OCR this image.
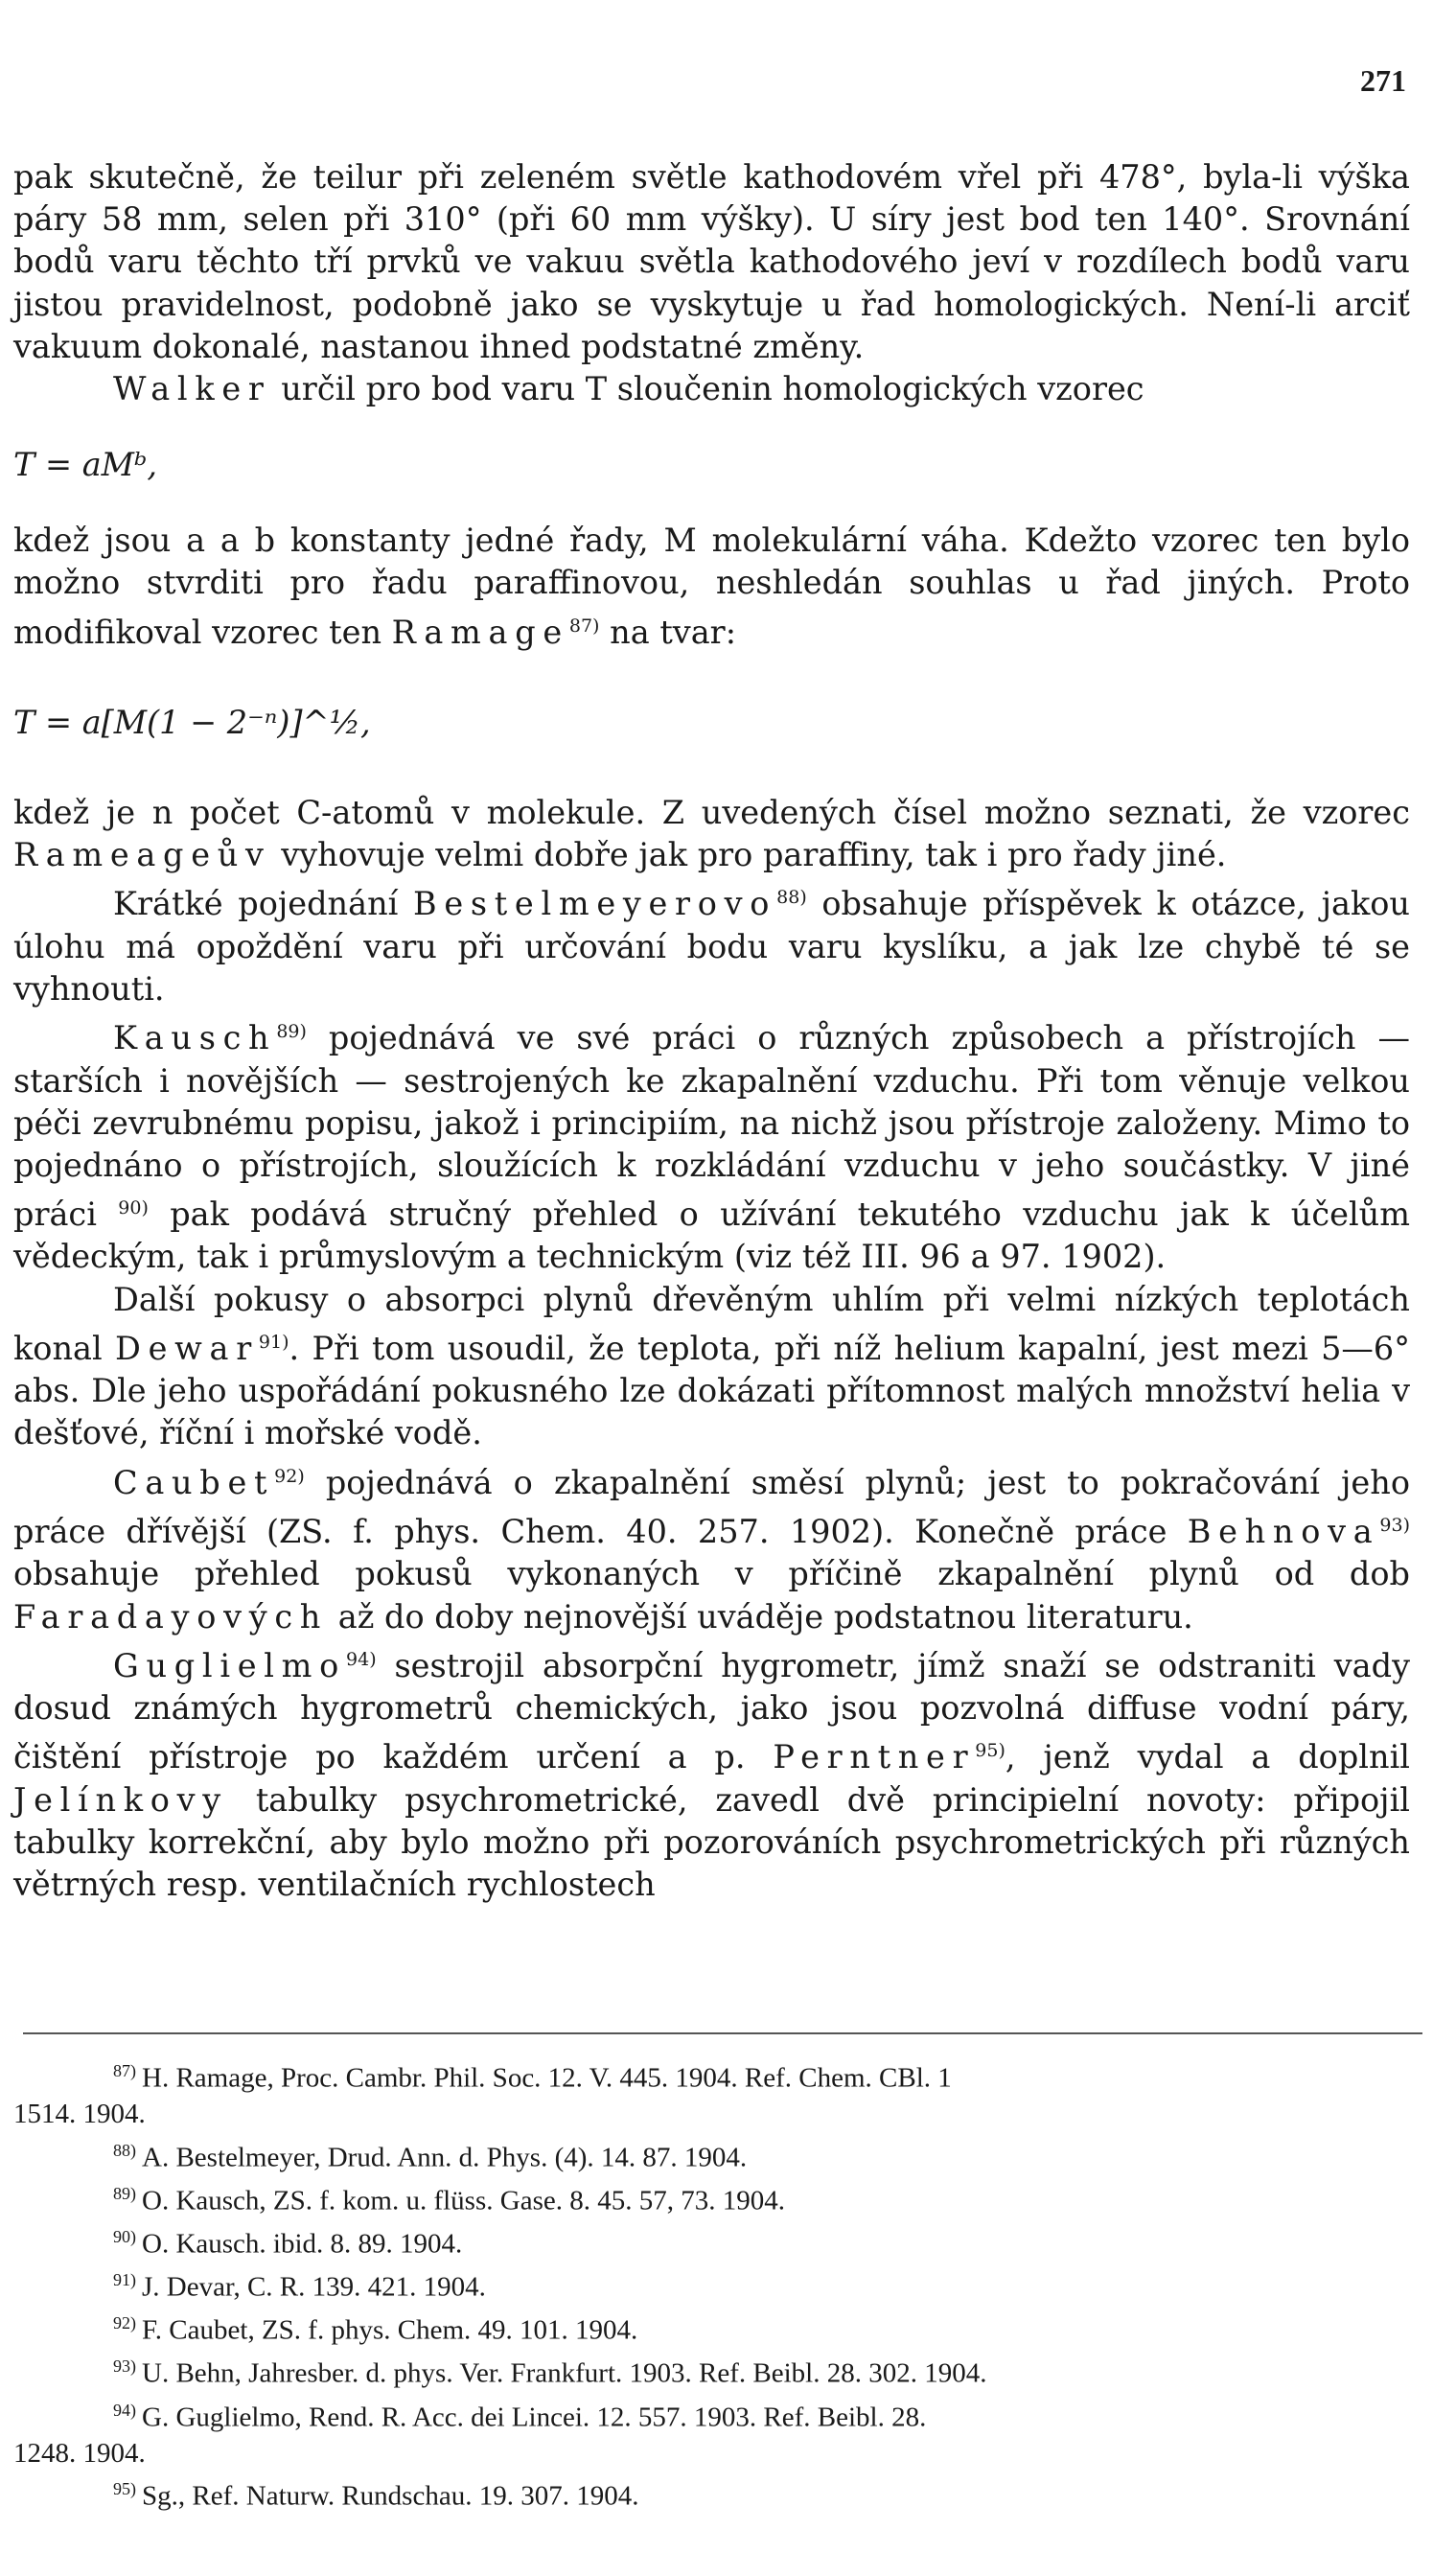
271

pak skutečně, že teilur při zeleném světle kathodovém vřel při 478°, byla-li výška páry 58 mm, selen při 310° (při 60 mm výšky). U síry jest bod ten 140°. Srovnání bodů varu těchto tří prvků ve vakuu světla kathodového jeví v rozdílech bodů varu jistou pravidelnost, podobně jako se vyskytuje u řad homologických. Není-li arciť vakuum dokonalé, nastanou ihned podstatné změny.

Walker určil pro bod varu T sloučenin homologických vzorec

T = aMᵇ,

kdež jsou a a b konstanty jedné řady, M molekulární váha. Kdežto vzorec ten bylo možno stvrditi pro řadu paraffinovou, neshledán souhlas u řad jiných. Proto modifikoval vzorec ten Ramage$^{87)}$ na tvar:

T = a[M(1 − 2⁻ⁿ)]^½,

kdež je n počet C-atomů v molekule. Z uvedených čísel možno seznati, že vzorec Rameageův vyhovuje velmi dobře jak pro paraffiny, tak i pro řady jiné.

Krátké pojednání Bestelmeyerovo$^{88)}$ obsahuje příspěvek k otázce, jakou úlohu má opoždění varu při určování bodu varu kyslíku, a jak lze chybě té se vyhnouti.

Kausch$^{89)}$ pojednává ve své práci o různých způsobech a přístrojích — starších i novějších — sestrojených ke zkapalnění vzduchu. Při tom věnuje velkou péči zevrubnému popisu, jakož i principiím, na nichž jsou přístroje založeny. Mimo to pojednáno o přístrojích, sloužících k rozkládání vzduchu v jeho součástky. V jiné práci $^{90)}$ pak podává stručný přehled o užívání tekutého vzduchu jak k účelům vědeckým, tak i průmyslovým a technickým (viz též III. 96 a 97. 1902).

Další pokusy o absorpci plynů dřevěným uhlím při velmi nízkých teplotách konal Dewar$^{91)}$. Při tom usoudil, že teplota, při níž helium kapalní, jest mezi 5—6° abs. Dle jeho uspořádání pokusného lze dokázati přítomnost malých množství helia v dešťové, říční i mořské vodě.

Caubet$^{92)}$ pojednává o zkapalnění směsí plynů; jest to pokračování jeho práce dřívější (ZS. f. phys. Chem. 40. 257. 1902). Konečně práce Behnova$^{93)}$ obsahuje přehled pokusů vykonaných v příčině zkapalnění plynů od dob Faradayových až do doby nejnovější uváděje podstatnou literaturu.

Guglielmo$^{94)}$ sestrojil absorpční hygrometr, jímž snaží se odstraniti vady dosud známých hygrometrů chemických, jako jsou pozvolná diffuse vodní páry, čištění přístroje po každém určení a p. Perntner$^{95)}$, jenž vydal a doplnil Jelínkovy tabulky psychrometrické, zavedl dvě principielní novoty: připojil tabulky korrekční, aby bylo možno při pozorováních psychrometrických při různých větrných resp. ventilačních rychlostech

$^{87)}$ H. Ramage, Proc. Cambr. Phil. Soc. 12. V. 445. 1904. Ref. Chem. CBl. 1

1514. 1904.

$^{88)}$ A. Bestelmeyer, Drud. Ann. d. Phys. (4). 14. 87. 1904.

$^{89)}$ O. Kausch, ZS. f. kom. u. flüss. Gase. 8. 45. 57, 73. 1904.

$^{90)}$ O. Kausch. ibid. 8. 89. 1904.

$^{91)}$ J. Devar, C. R. 139. 421. 1904.

$^{92)}$ F. Caubet, ZS. f. phys. Chem. 49. 101. 1904.

$^{93)}$ U. Behn, Jahresber. d. phys. Ver. Frankfurt. 1903. Ref. Beibl. 28. 302. 1904.

$^{94)}$ G. Guglielmo, Rend. R. Acc. dei Lincei. 12. 557. 1903. Ref. Beibl. 28.

1248. 1904.

$^{95)}$ Sg., Ref. Naturw. Rundschau. 19. 307. 1904.
